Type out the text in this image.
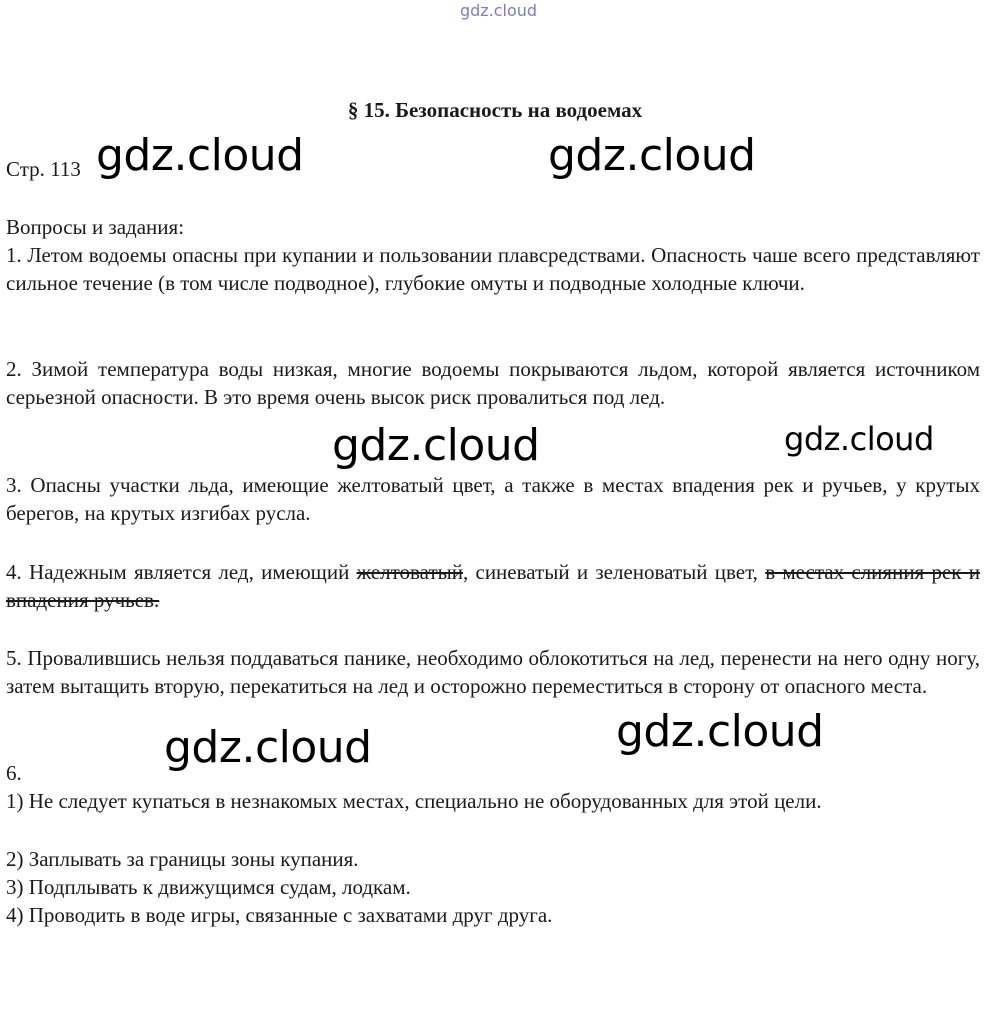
gdz.cloud
§ 15. Безопасность на водоемах
Стр. 113
Вопросы и задания:
1. Летом водоемы опасны при купании и пользовании плавсредствами. Опасность чаше всего представляют сильное течение (в том числе подводное), глубокие омуты и подводные холодные ключи.
2. Зимой температура воды низкая, многие водоемы покрываются льдом, которой является источником серьезной опасности. В это время очень высок риск провалиться под лед.
3. Опасны участки льда, имеющие желтоватый цвет, а также в местах впадения рек и ручьев, у крутых берегов, на крутых изгибах русла.
4. Надежным является лед, имеющий желтоватый, синеватый и зеленоватый цвет, в местах слияния рек и впадения ручьев.
5. Провалившись нельзя поддаваться панике, необходимо облокотиться на лед, перенести на него одну ногу, затем вытащить вторую, перекатиться на лед и осторожно переместиться в сторону от опасного места.
6.
1) Не следует купаться в незнакомых местах, специально не оборудованных для этой цели.
2) Заплывать за границы зоны купания.
3) Подплывать к движущимся судам, лодкам.
4) Проводить в воде игры, связанные с захватами друг друга.
gdz.cloud	gdz.cloud
gdz.cloud	gdz.cloud
gdz.cloud	gdz.cloud
